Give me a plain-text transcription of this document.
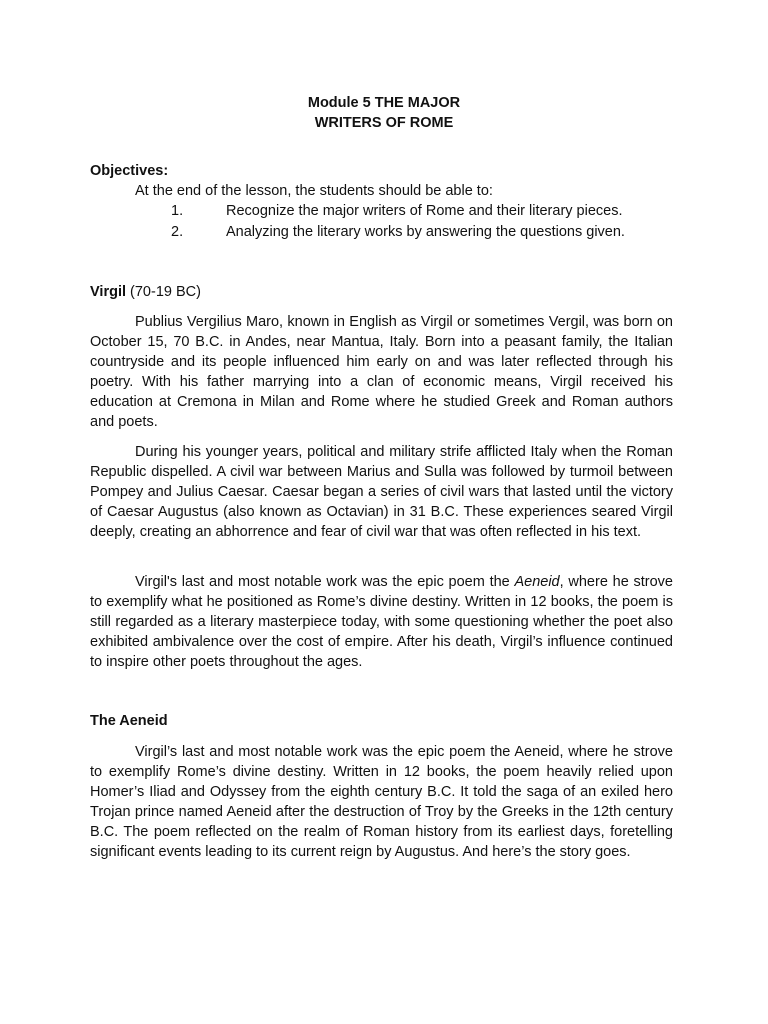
Module 5 THE MAJOR
WRITERS OF ROME
Objectives:
At the end of the lesson, the students should be able to:
1.	Recognize the major writers of Rome and their literary pieces.
2.	Analyzing the literary works by answering the questions given.
Virgil (70-19 BC)

Publius Vergilius Maro, known in English as Virgil or sometimes Vergil, was born on October 15, 70 B.C. in Andes, near Mantua, Italy. Born into a peasant family, the Italian countryside and its people influenced him early on and was later reflected through his poetry. With his father marrying into a clan of economic means, Virgil received his education at Cremona in Milan and Rome where he studied Greek and Roman authors and poets.

During his younger years, political and military strife afflicted Italy when the Roman Republic dispelled. A civil war between Marius and Sulla was followed by turmoil between Pompey and Julius Caesar. Caesar began a series of civil wars that lasted until the victory of Caesar Augustus (also known as Octavian) in 31 B.C. These experiences seared Virgil deeply, creating an abhorrence and fear of civil war that was often reflected in his text.

Virgil's last and most notable work was the epic poem the Aeneid, where he strove to exemplify what he positioned as Rome’s divine destiny. Written in 12 books, the poem is still regarded as a literary masterpiece today, with some questioning whether the poet also exhibited ambivalence over the cost of empire. After his death, Virgil’s influence continued to inspire other poets throughout the ages.

The Aeneid

Virgil’s last and most notable work was the epic poem the Aeneid, where he strove to exemplify Rome’s divine destiny. Written in 12 books, the poem heavily relied upon Homer’s Iliad and Odyssey from the eighth century B.C. It told the saga of an exiled hero Trojan prince named Aeneid after the destruction of Troy by the Greeks in the 12th century B.C. The poem reflected on the realm of Roman history from its earliest days, foretelling significant events leading to its current reign by Augustus. And here’s the story goes.
